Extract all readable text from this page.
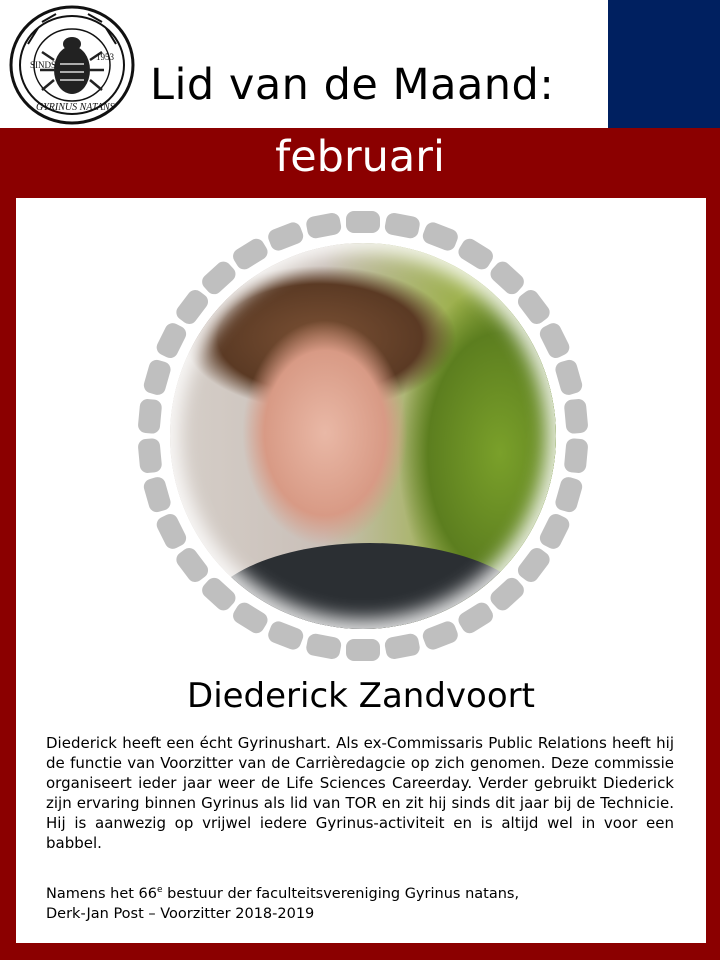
SINDS
1953
GYRINUS NATANS Lid van de Maand:
februari
Diederick Zandvoort

Diederick heeft een écht Gyrinushart. Als ex-Commissaris Public Relations heeft hij de functie van Voorzitter van de Carrièredagcie op zich genomen. Deze commissie organiseert ieder jaar weer de Life Sciences Careerday. Verder gebruikt Diederick zijn ervaring binnen Gyrinus als lid van TOR en zit hij sinds dit jaar bij de Technicie. Hij is aanwezig op vrijwel iedere Gyrinus-activiteit en is altijd wel in voor een babbel.

Namens het 66e bestuur der faculteitsvereniging Gyrinus natans,
Derk-Jan Post – Voorzitter 2018-2019
